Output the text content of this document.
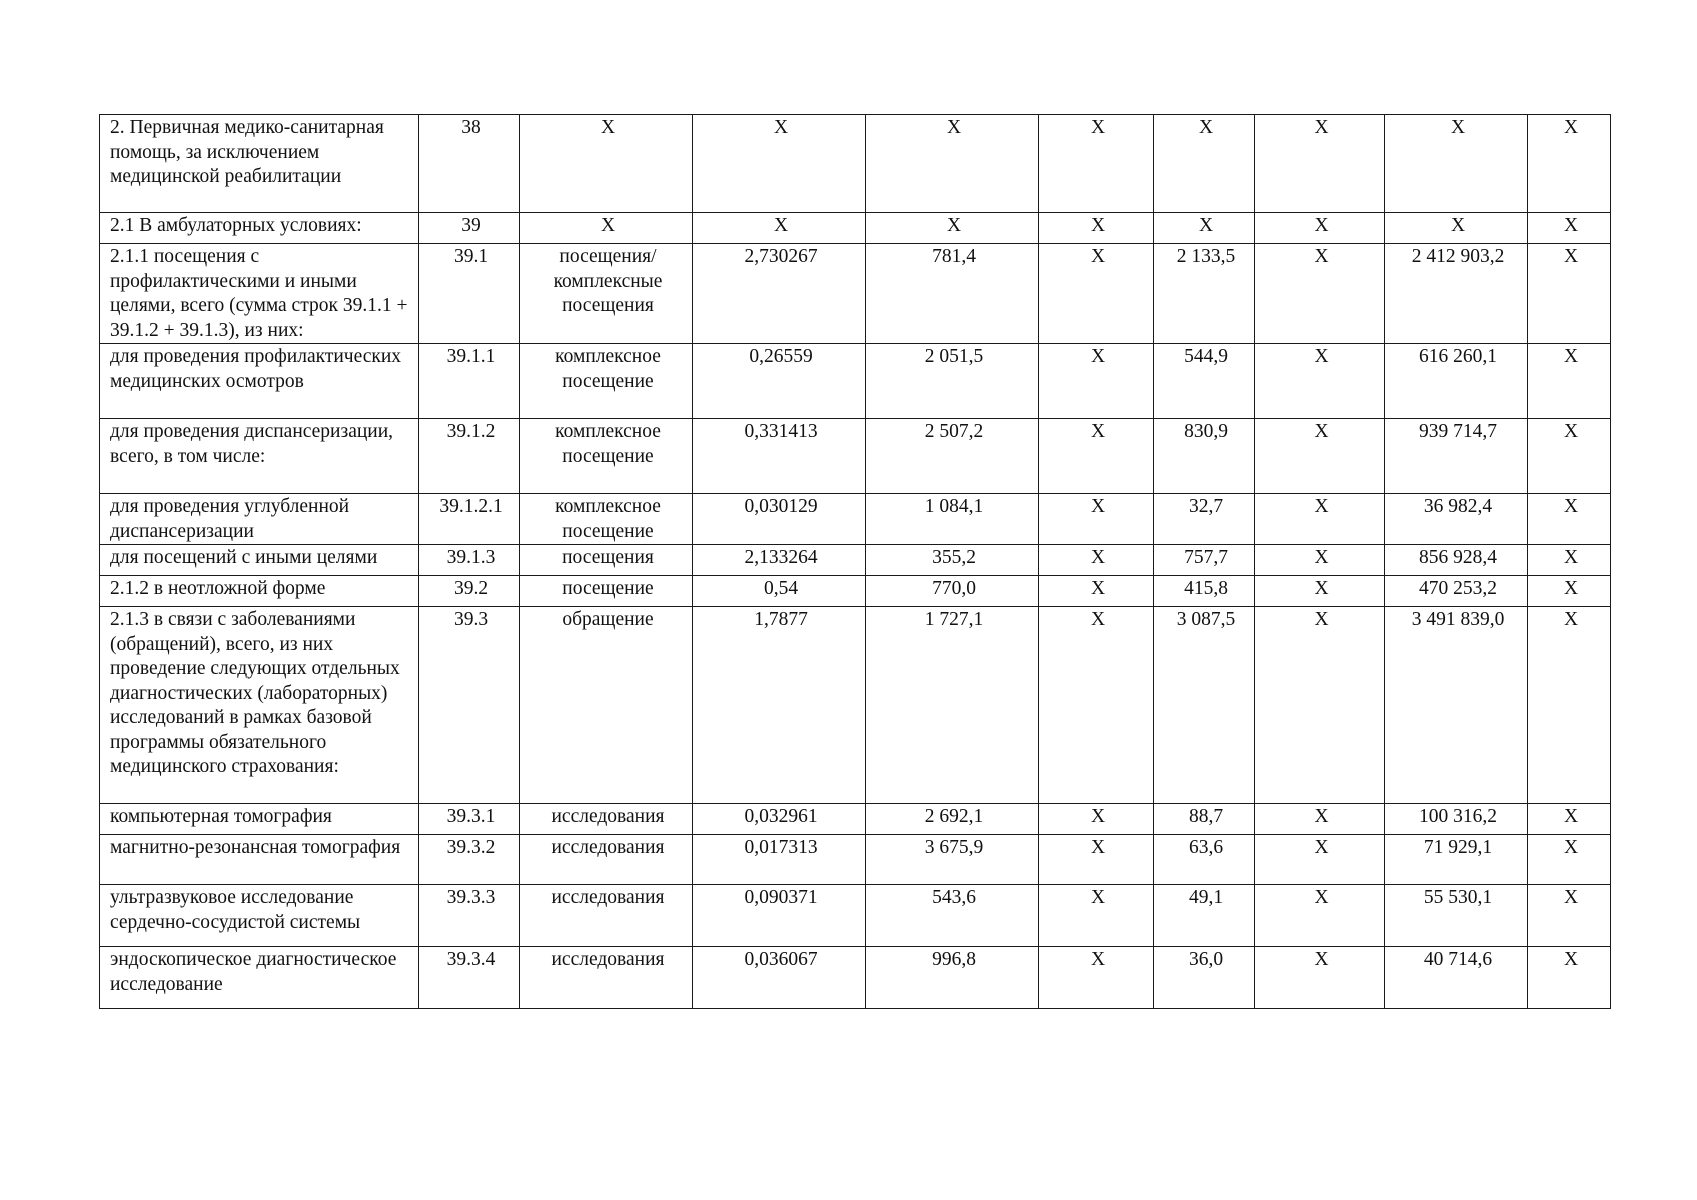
2. Первичная медико-санитарная помощь, за исключением медицинской реабилитации	38	Х	Х	Х	Х	Х	Х	Х	Х

2.1 В амбулаторных условиях:	39	Х	Х	Х	Х	Х	Х	Х	Х

2.1.1 посещения с профилактическими и иными целями, всего (сумма строк 39.1.1 + 39.1.2 + 39.1.3), из них:	39.1	посещения/ комплексные посещения	2,730267	781,4	Х	2 133,5	Х	2 412 903,2	Х

для проведения профилактических медицинских осмотров	39.1.1	комплексное посещение	0,26559	2 051,5	Х	544,9	Х	616 260,1	Х

для проведения диспансеризации, всего, в том числе:	39.1.2	комплексное посещение	0,331413	2 507,2	Х	830,9	Х	939 714,7	Х

для проведения углубленной диспансеризации	39.1.2.1	комплексное посещение	0,030129	1 084,1	Х	32,7	Х	36 982,4	Х

для посещений с иными целями	39.1.3	посещения	2,133264	355,2	Х	757,7	Х	856 928,4	Х

2.1.2 в неотложной форме	39.2	посещение	0,54	770,0	Х	415,8	Х	470 253,2	Х

2.1.3 в связи с заболеваниями (обращений), всего, из них проведение следующих отдельных диагностических (лабораторных) исследований в рамках базовой программы обязательного медицинского страхования:	39.3	обращение	1,7877	1 727,1	Х	3 087,5	Х	3 491 839,0	Х

компьютерная томография	39.3.1	исследования	0,032961	2 692,1	Х	88,7	Х	100 316,2	Х

магнитно-резонансная томография	39.3.2	исследования	0,017313	3 675,9	Х	63,6	Х	71 929,1	Х

ультразвуковое исследование сердечно-сосудистой системы	39.3.3	исследования	0,090371	543,6	Х	49,1	Х	55 530,1	Х

эндоскопическое диагностическое исследование	39.3.4	исследования	0,036067	996,8	Х	36,0	Х	40 714,6	Х
